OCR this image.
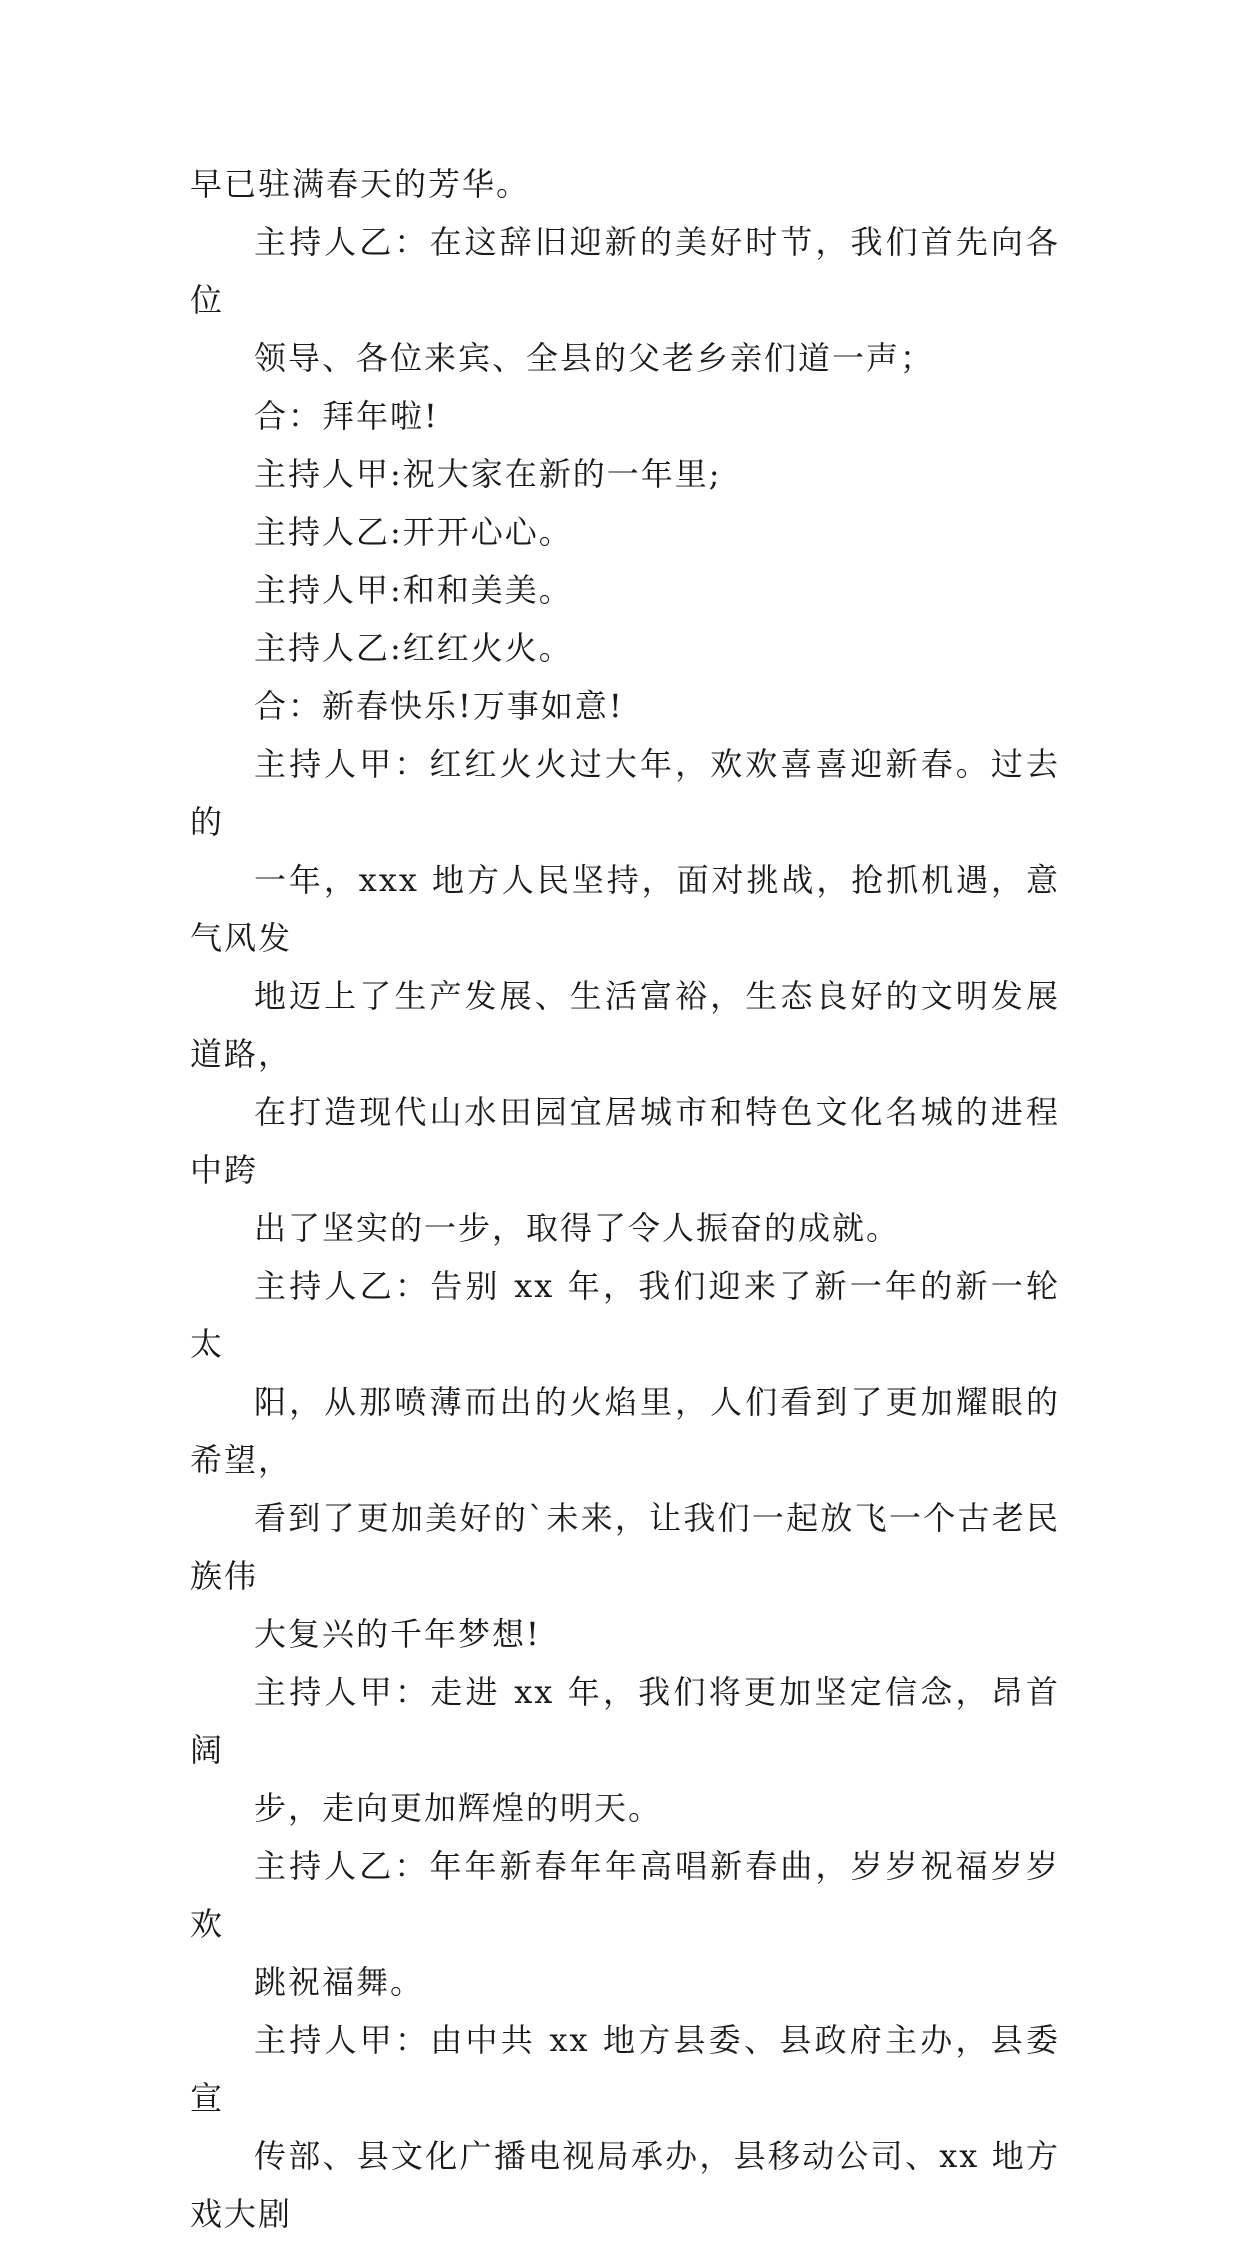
早已驻满春天的芳华。

主持人乙：在这辞旧迎新的美好时节，我们首先向各位
领导、各位来宾、全县的父老乡亲们道一声；

合：拜年啦!

主持人甲:祝大家在新的一年里;

主持人乙:开开心心。

主持人甲:和和美美。

主持人乙:红红火火。

合：新春快乐!万事如意!

主持人甲：红红火火过大年，欢欢喜喜迎新春。过去的
一年，xxx 地方人民坚持，面对挑战，抢抓机遇，意气风发
地迈上了生产发展、生活富裕，生态良好的文明发展道路，
在打造现代山水田园宜居城市和特色文化名城的进程中跨
出了坚实的一步，取得了令人振奋的成就。

主持人乙：告别 xx 年，我们迎来了新一年的新一轮太
阳，从那喷薄而出的火焰里，人们看到了更加耀眼的希望，
看到了更加美好的`未来，让我们一起放飞一个古老民族伟
大复兴的千年梦想!

主持人甲：走进 xx 年，我们将更加坚定信念，昂首阔
步，走向更加辉煌的明天。

主持人乙：年年新春年年高唱新春曲，岁岁祝福岁岁欢
跳祝福舞。

主持人甲：由中共 xx 地方县委、县政府主办，县委宣
传部、县文化广播电视局承办，县移动公司、xx 地方戏大剧
